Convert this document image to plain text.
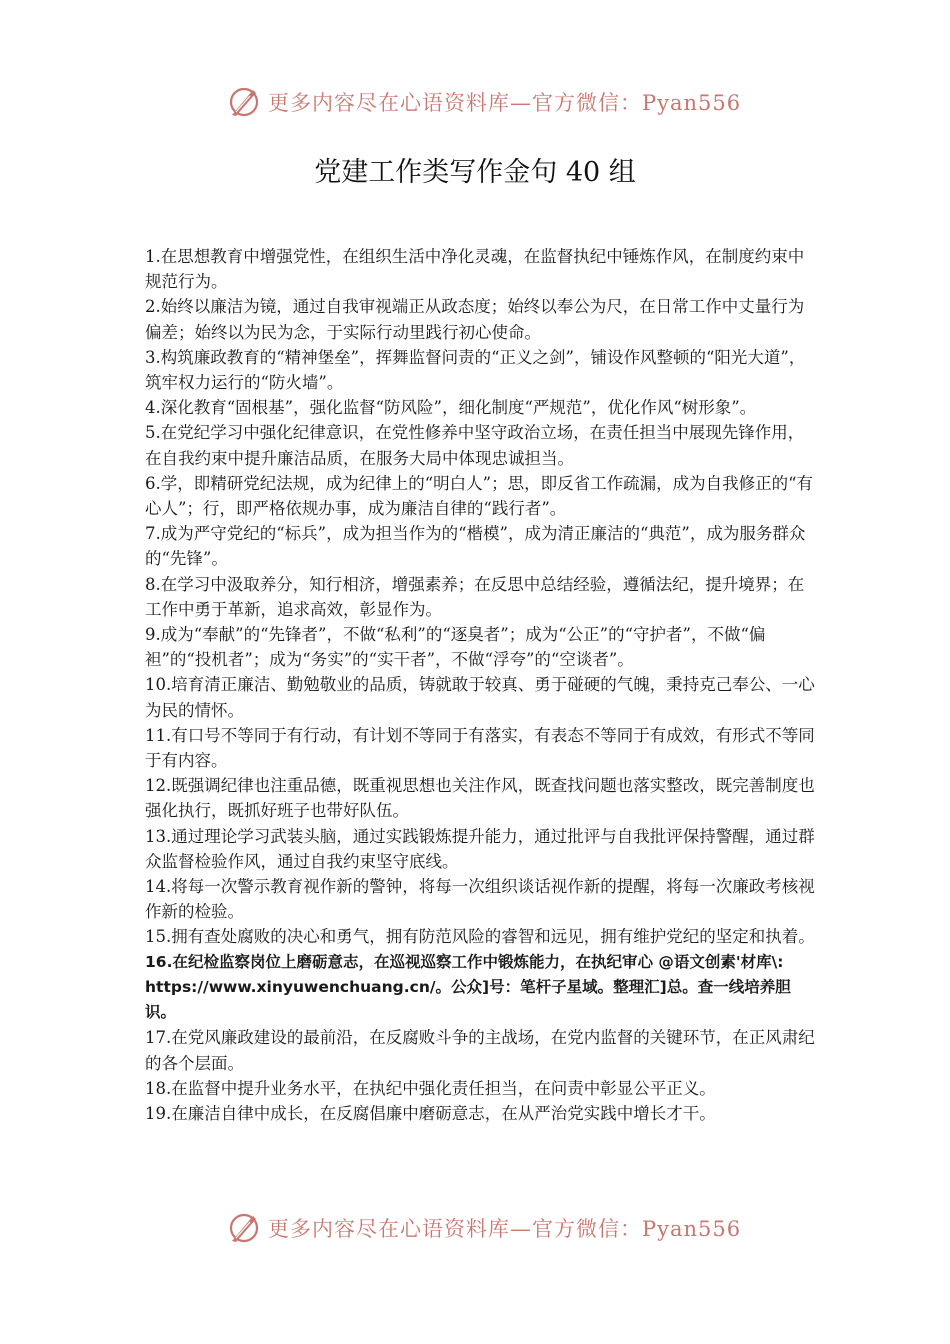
更多内容尽在心语资料库—官方微信：Pyan556
党建工作类写作金句 40 组

1.在思想教育中增强党性，在组织生活中净化灵魂，在监督执纪中锤炼作风，在制度约束中规范行为。

2.始终以廉洁为镜，通过自我审视端正从政态度；始终以奉公为尺，在日常工作中丈量行为偏差；始终以为民为念，于实际行动里践行初心使命。

3.构筑廉政教育的“精神堡垒”，挥舞监督问责的“正义之剑”，铺设作风整顿的“阳光大道”，筑牢权力运行的“防火墙”。

4.深化教育“固根基”，强化监督“防风险”，细化制度“严规范”，优化作风“树形象”。

5.在党纪学习中强化纪律意识，在党性修养中坚守政治立场，在责任担当中展现先锋作用，在自我约束中提升廉洁品质，在服务大局中体现忠诚担当。

6.学，即精研党纪法规，成为纪律上的“明白人”；思，即反省工作疏漏，成为自我修正的“有心人”；行，即严格依规办事，成为廉洁自律的“践行者”。

7.成为严守党纪的“标兵”，成为担当作为的“楷模”，成为清正廉洁的“典范”，成为服务群众的“先锋”。

8.在学习中汲取养分，知行相济，增强素养；在反思中总结经验，遵循法纪，提升境界；在工作中勇于革新，追求高效，彰显作为。

9.成为“奉献”的“先锋者”，不做“私利”的“逐臭者”；成为“公正”的“守护者”，不做“偏袒”的“投机者”；成为“务实”的“实干者”，不做“浮夸”的“空谈者”。

10.培育清正廉洁、勤勉敬业的品质，铸就敢于较真、勇于碰硬的气魄，秉持克己奉公、一心为民的情怀。

11.有口号不等同于有行动，有计划不等同于有落实，有表态不等同于有成效，有形式不等同于有内容。

12.既强调纪律也注重品德，既重视思想也关注作风，既查找问题也落实整改，既完善制度也强化执行，既抓好班子也带好队伍。

13.通过理论学习武装头脑，通过实践锻炼提升能力，通过批评与自我批评保持警醒，通过群众监督检验作风，通过自我约束坚守底线。

14.将每一次警示教育视作新的警钟，将每一次组织谈话视作新的提醒，将每一次廉政考核视作新的检验。

15.拥有查处腐败的决心和勇气，拥有防范风险的睿智和远见，拥有维护党纪的坚定和执着。

16.在纪检监察岗位上磨砺意志，在巡视巡察工作中锻炼能力，在执纪审心 @语文创素'材库\: https://www.xinyuwenchuang.cn/。公众]号：笔杆子星域。整理汇]总。查一线培养胆识。

17.在党风廉政建设的最前沿，在反腐败斗争的主战场，在党内监督的关键环节，在正风肃纪的各个层面。

18.在监督中提升业务水平，在执纪中强化责任担当，在问责中彰显公平正义。

19.在廉洁自律中成长，在反腐倡廉中磨砺意志，在从严治党实践中增长才干。

更多内容尽在心语资料库—官方微信：Pyan556
